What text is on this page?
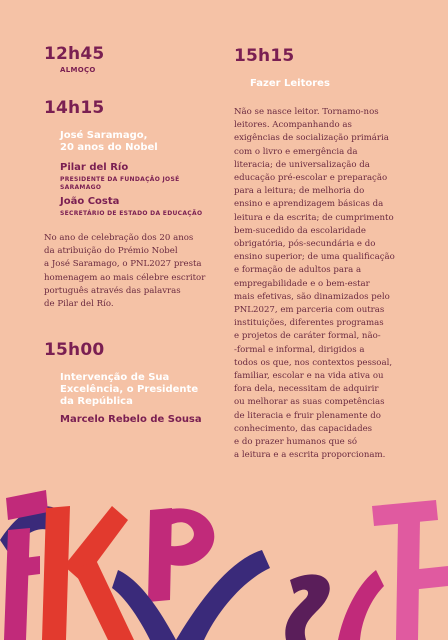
12h45
ALMOÇO
14h15
José Saramago,
20 anos do Nobel
Pilar del Río
PRESIDENTE DA FUNDAÇÃO JOSÉ
SARAMAGO
João Costa
SECRETÁRIO DE ESTADO DA EDUCAÇÃO
No ano de celebração dos 20 anos
da atribuição do Prémio Nobel
a José Saramago, o PNL2027 presta
homenagem ao mais célebre escritor
português através das palavras
de Pilar del Río.
15h00
Intervenção de Sua
Excelência, o Presidente
da República
Marcelo Rebelo de Sousa
15h15
Fazer Leitores
Não se nasce leitor. Tornamo-nos
leitores. Acompanhando as
exigências de socialização primária
com o livro e emergência da
literacia; de universalização da
educação pré-escolar e preparação
para a leitura; de melhoria do
ensino e aprendizagem básicas da
leitura e da escrita; de cumprimento
bem-sucedido da escolaridade
obrigatória, pós-secundária e do
ensino superior; de uma qualificação
e formação de adultos para a
empregabilidade e o bem-estar
mais efetivas, são dinamizados pelo
PNL2027, em parceria com outras
instituições, diferentes programas
e projetos de caráter formal, não-
-formal e informal, dirigidos a
todos os que, nos contextos pessoal,
familiar, escolar e na vida ativa ou
fora dela, necessitam de adquirir
ou melhorar as suas competências
de literacia e fruir plenamente do
conhecimento, das capacidades
e do prazer humanos que só
a leitura e a escrita proporcionam.
